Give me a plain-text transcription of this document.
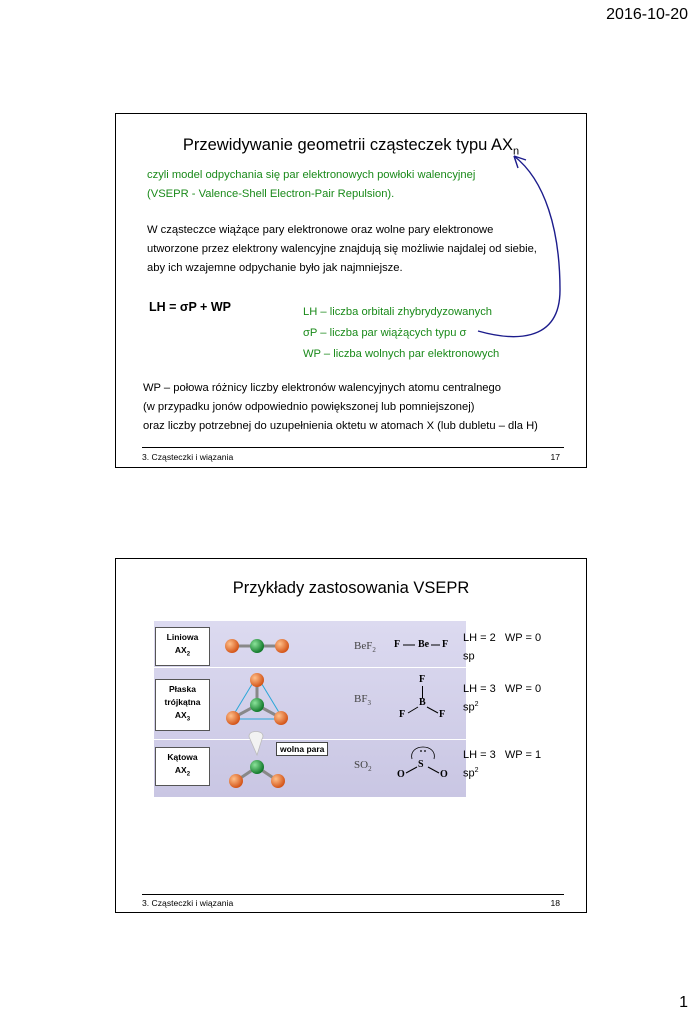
2016-10-20
Przewidywanie geometrii cząsteczek typu $AX_n$
czyli model odpychania się par elektronowych powłoki walencyjnej
(VSEPR - Valence-Shell Electron-Pair Repulsion).
W cząsteczce wiążące pary elektronowe oraz wolne pary elektronowe
utworzone przez elektrony walencyjne znajdują się możliwie najdalej od siebie,
aby ich wzajemne odpychanie było jak najmniejsze.
LH = σP + WP	LH – liczba orbitali zhybrydyzowanych
σP – liczba par wiążących typu σ
WP – liczba wolnych par elektronowych
WP – połowa różnicy liczby elektronów walencyjnych atomu centralnego
(w przypadku jonów odpowiednio powiększonej lub pomniejszonej)
oraz liczby potrzebnej do uzupełnienia oktetu w atomach X (lub dubletu – dla H)
3. Cząsteczki i wiązania	17
Przykłady zastosowania VSEPR
Liniowa
$AX_2$
Płaska
trójkątna
$AX_3$
Kątowa
$AX_2$
wolna para
BeF$_2$
$BF_3$
$SO_2$
F Be F
F
B
F	F
S
O	O
LH = 2 WP = 0
sp
LH = 3 WP = 0
$sp^2$
LH = 3 WP = 1
$sp^2$
3. Cząsteczki i wiązania	18
1
